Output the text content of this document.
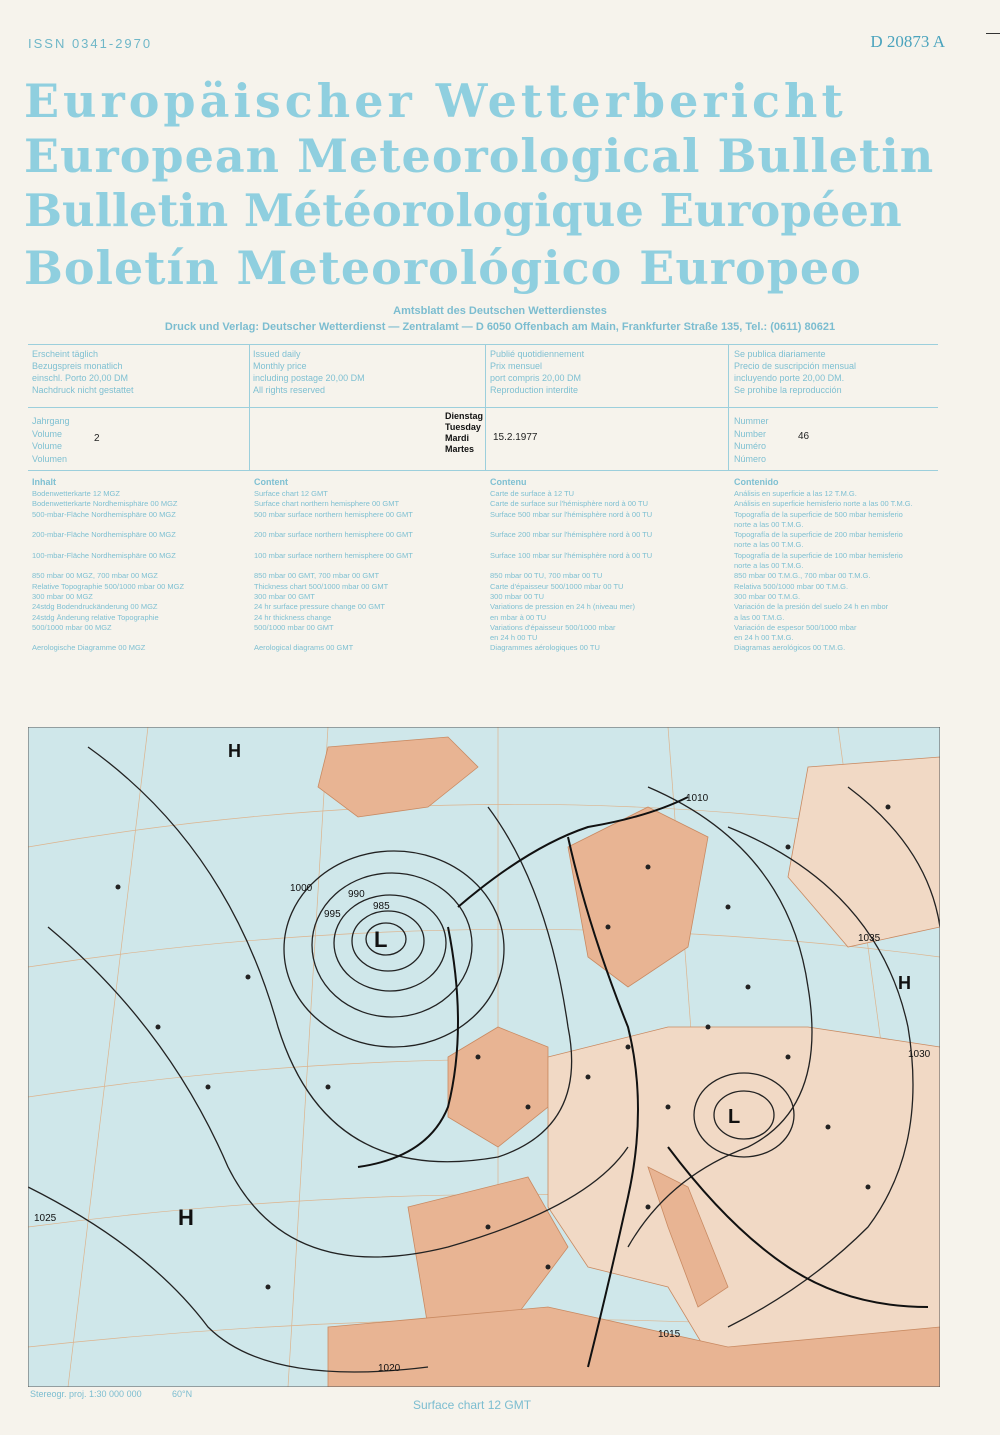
ISSN 0341-2970	D 20873 A
Europäischer Wetterbericht
European Meteorological Bulletin
Bulletin Météorologique Européen
Boletín Meteorológico Europeo
Amtsblatt des Deutschen Wetterdienstes
Druck und Verlag: Deutscher Wetterdienst — Zentralamt — D 6050 Offenbach am Main, Frankfurter Straße 135, Tel.: (0611) 80621
Erscheint täglich
Bezugspreis monatlich
einschl. Porto 20,00 DM
Nachdruck nicht gestattet
Issued daily
Monthly price
including postage 20,00 DM
All rights reserved
Publié quotidiennement
Prix mensuel
port compris 20,00 DM
Reproduction interdite
Se publica diariamente
Precio de suscripción mensual
incluyendo porte 20,00 DM.
Se prohibe la reproducción
Jahrgang
Volume
Volume
Volumen
2
Dienstag
Tuesday
Mardi
Martes
15.2.1977
Nummer
Number
Numéro
Número
46
Inhalt
Bodenwetterkarte 12 MGZ
Bodenwetterkarte Nordhemisphäre 00 MGZ
500-mbar-Fläche Nordhemisphäre 00 MGZ

200-mbar-Fläche Nordhemisphäre 00 MGZ

100-mbar-Fläche Nordhemisphäre 00 MGZ

850 mbar 00 MGZ, 700 mbar 00 MGZ
Relative Topographie 500/1000 mbar 00 MGZ
300 mbar 00 MGZ
24stdg Bodendruckänderung 00 MGZ
24stdg Änderung relative Topographie
500/1000 mbar 00 MGZ

Aerologische Diagramme 00 MGZ
Content
Surface chart 12 GMT
Surface chart northern hemisphere 00 GMT
500 mbar surface northern hemisphere 00 GMT

200 mbar surface northern hemisphere 00 GMT

100 mbar surface northern hemisphere 00 GMT

850 mbar 00 GMT, 700 mbar 00 GMT
Thickness chart 500/1000 mbar 00 GMT
300 mbar 00 GMT
24 hr surface pressure change 00 GMT
24 hr thickness change
500/1000 mbar 00 GMT

Aerological diagrams 00 GMT
Contenu
Carte de surface à 12 TU
Carte de surface sur l'hémisphère nord à 00 TU
Surface 500 mbar sur l'hémisphère nord à 00 TU

Surface 200 mbar sur l'hémisphère nord à 00 TU

Surface 100 mbar sur l'hémisphère nord à 00 TU

850 mbar 00 TU, 700 mbar 00 TU
Carte d'épaisseur 500/1000 mbar 00 TU
300 mbar 00 TU
Variations de pression en 24 h (niveau mer)
en mbar à 00 TU
Variations d'épaisseur 500/1000 mbar
en 24 h 00 TU
Diagrammes aérologiques 00 TU
Contenido
Análisis en superficie a las 12 T.M.G.
Análisis en superficie hemisferio norte a las 00 T.M.G.
Topografía de la superficie de 500 mbar hemisferio
norte a las 00 T.M.G.
Topografía de la superficie de 200 mbar hemisferio
norte a las 00 T.M.G.
Topografía de la superficie de 100 mbar hemisferio
norte a las 00 T.M.G.
850 mbar 00 T.M.G., 700 mbar 00 T.M.G.
Relativa 500/1000 mbar 00 T.M.G.
300 mbar 00 T.M.G.
Variación de la presión del suelo 24 h en mbor
a las 00 T.M.G.
Variación de espesor 500/1000 mbar
en 24 h 00 T.M.G.
Diagramas aerológicos 00 T.M.G.
L
L
H
H
H
985
990
995
1000
1010
1015
1020
1025
1030
1035
Stereogr. proj. 1:30 000 000	60°N
Surface chart 12 GMT
